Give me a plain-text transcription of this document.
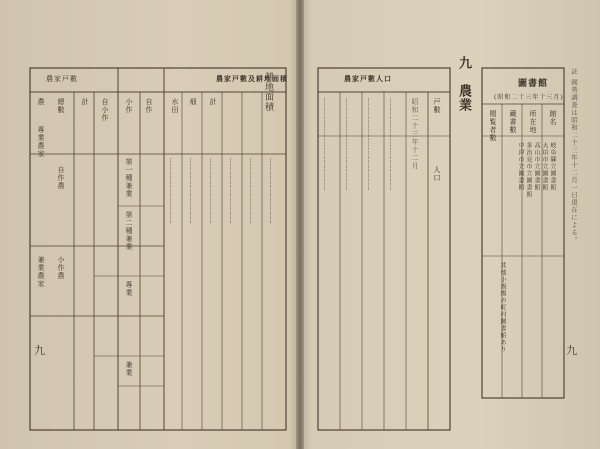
耕地面積
農家戸數及耕地面積
農家戸數
自作
小作
自小作
計
第一種兼業
第二種兼業
專業
兼業
農
專業農家
兼業農家
總數
自作農
小作農
水田 畑 計
九
……………………………………… ……………………………………… ……………………………………… ……………………………………… ……………………………………… ………………………………………
九
農業
農家戸數人口
戸數
人口
昭和二十三年十二月
……………………………………………………… ……………………………………………………… ……………………………………………………… ………………………………………………………
圖書館
(昭和二十三年十三月)
館名
所在地
藏書數
閲覧者數
岐阜縣立圖書館
大垣市立圖書館
高山市立圖書館
多治見市立圖書館
中津市立圖書館
其他小規模の町村圖書館あり
註 國勢調査は昭和二十三年十二月一日現在による。
九
